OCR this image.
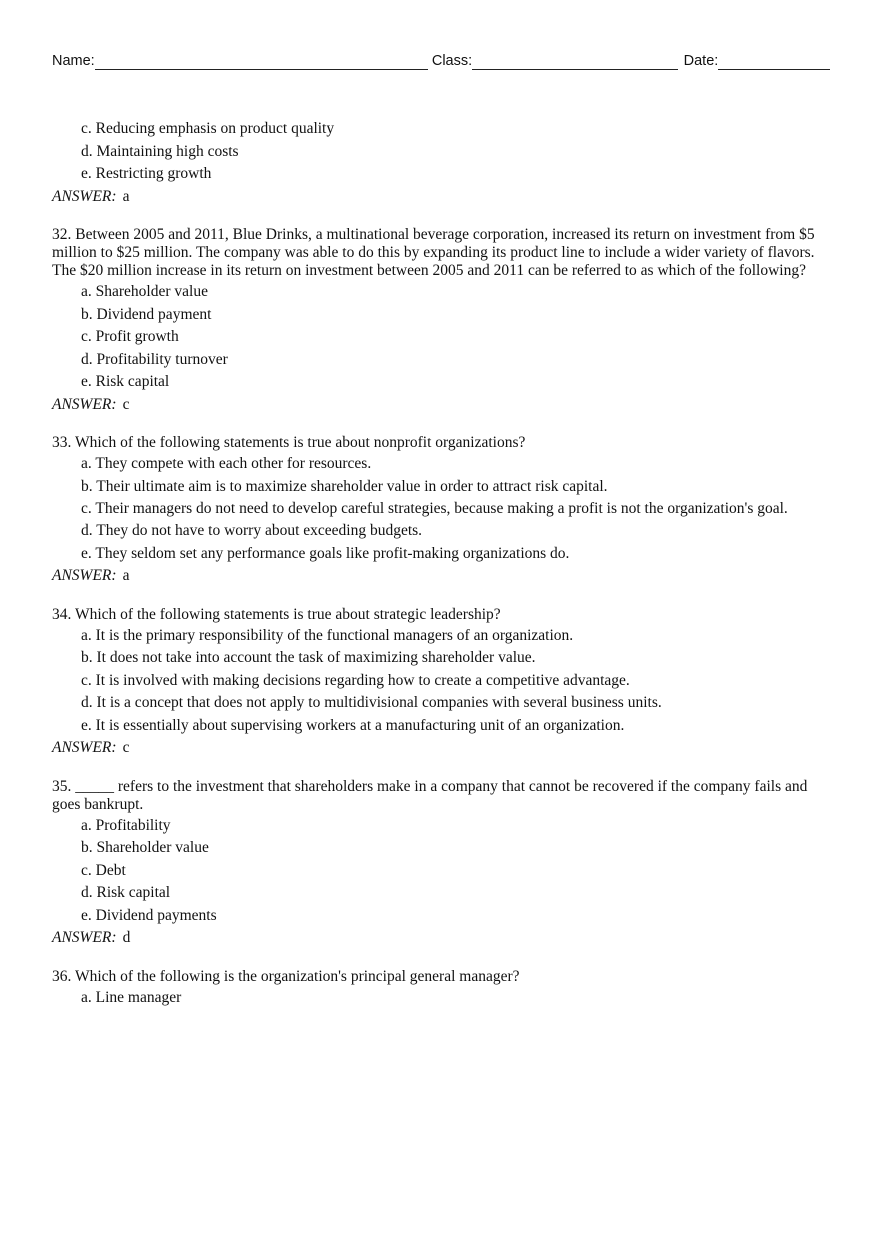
Name:	Class:	Date:
c. Reducing emphasis on product quality
d. Maintaining high costs
e. Restricting growth
ANSWER: a
32. Between 2005 and 2011, Blue Drinks, a multinational beverage corporation, increased its return on investment from $5 million to $25 million. The company was able to do this by expanding its product line to include a wider variety of flavors. The $20 million increase in its return on investment between 2005 and 2011 can be referred to as which of the following?
a. Shareholder value
b. Dividend payment
c. Profit growth
d. Profitability turnover
e. Risk capital
ANSWER: c
33. Which of the following statements is true about nonprofit organizations?
a. They compete with each other for resources.
b. Their ultimate aim is to maximize shareholder value in order to attract risk capital.
c. Their managers do not need to develop careful strategies, because making a profit is not the organization's goal.
d. They do not have to worry about exceeding budgets.
e. They seldom set any performance goals like profit-making organizations do.
ANSWER: a
34. Which of the following statements is true about strategic leadership?
a. It is the primary responsibility of the functional managers of an organization.
b. It does not take into account the task of maximizing shareholder value.
c. It is involved with making decisions regarding how to create a competitive advantage.
d. It is a concept that does not apply to multidivisional companies with several business units.
e. It is essentially about supervising workers at a manufacturing unit of an organization.
ANSWER: c
35. _____ refers to the investment that shareholders make in a company that cannot be recovered if the company fails and goes bankrupt.
a. Profitability
b. Shareholder value
c. Debt
d. Risk capital
e. Dividend payments
ANSWER: d
36. Which of the following is the organization's principal general manager?
a. Line manager
